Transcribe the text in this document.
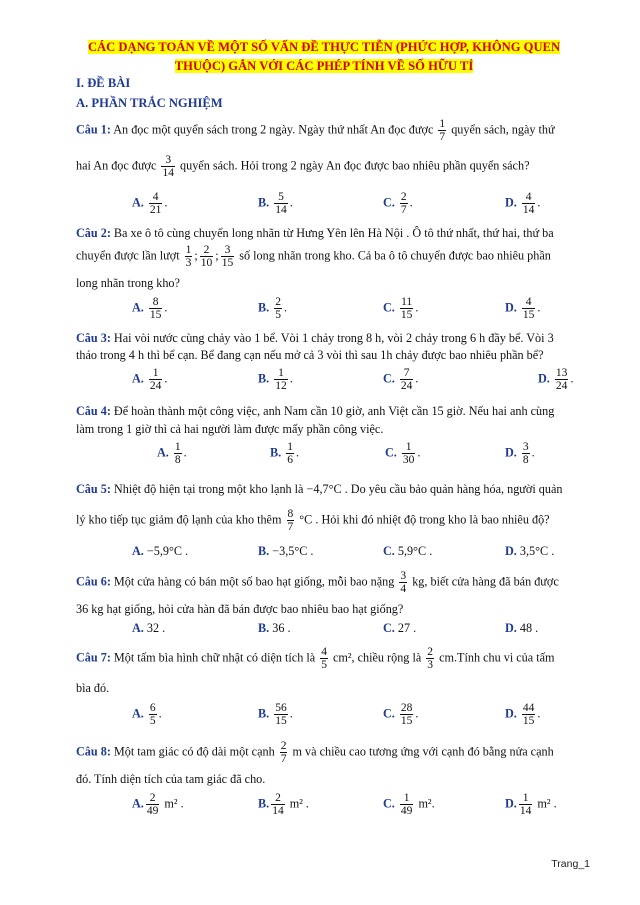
CÁC DẠNG TOÁN VỀ MỘT SỐ VẤN ĐỀ THỰC TIỄN (PHỨC HỢP, KHÔNG QUEN
THUỘC) GẮN VỚI CÁC PHÉP TÍNH VỀ SỐ HỮU TỈ
I. ĐỀ BÀI
A. PHẦN TRẮC NGHIỆM
Câu 1: An đọc một quyển sách trong 2 ngày. Ngày thứ nhất An đọc được $\frac{1}{7}$ quyển sách, ngày thứ
hai An đọc được $\frac{3}{14}$ quyển sách. Hỏi trong 2 ngày An đọc được bao nhiêu phần quyển sách?
A. $\frac{4}{21}$ .	B. $\frac{5}{14}$ .	C. $\frac{2}{7}$ .	D. $\frac{4}{14}$ .
Câu 2: Ba xe ô tô cùng chuyển long nhãn từ Hưng Yên lên Hà Nội . Ô tô thứ nhất, thứ hai, thứ ba
chuyển được lần lượt $\frac{1}{3}$ ; $\frac{2}{10}$ ; $\frac{3}{15}$ số long nhãn trong kho. Cả ba ô tô chuyển được bao nhiêu phần
long nhãn trong kho?
A. $\frac{8}{15}$ .	B. $\frac{2}{5}$ .	C. $\frac{11}{15}$ .	D. $\frac{4}{15}$ .
Câu 3: Hai vòi nước cùng chảy vào 1 bể. Vòi 1 chảy trong 8 h, vòi 2 chảy trong 6 h đầy bể. Vòi 3
tháo trong 4 h thì bể cạn. Bể đang cạn nếu mở cả 3 vòi thì sau 1h chảy được bao nhiêu phần bể?
A. $\frac{1}{24}$ .	B. $\frac{1}{12}$ .	C. $\frac{7}{24}$ .	D. $\frac{13}{24}$ .
Câu 4: Để hoàn thành một công việc, anh Nam cần 10 giờ, anh Việt cần 15 giờ. Nếu hai anh cùng
làm trong 1 giờ thì cả hai người làm được mấy phần công việc.
A. $\frac{1}{8}$ .	B. $\frac{1}{6}$ .	C. $\frac{1}{30}$ .	D. $\frac{3}{8}$ .
Câu 5: Nhiệt độ hiện tại trong một kho lạnh là −4,7°C . Do yêu cầu bảo quản hàng hóa, người quản
lý kho tiếp tục giảm độ lạnh của kho thêm $\frac{8}{7} ^\circ C$ . Hỏi khi đó nhiệt độ trong kho là bao nhiêu độ?
A. −5,9°C .	B. −3,5°C .	C. 5,9°C .	D. 3,5°C .
Câu 6: Một cửa hàng có bán một số bao hạt giống, mỗi bao nặng $\frac{3}{4}$ kg, biết cửa hàng đã bán được
36 kg hạt giống, hỏi cửa hàn đã bán được bao nhiêu bao hạt giống?
A. 32 .	B. 36 .	C. 27 .	D. 48 .
Câu 7: Một tấm bìa hình chữ nhật có diện tích là $\frac{4}{5} cm^2$, chiều rộng là $\frac{2}{3}$ cm.Tính chu vi của tấm
bìa đó.
A. $\frac{6}{5}$ .	B. $\frac{56}{15}$ .	C. $\frac{28}{15}$ .	D. $\frac{44}{15}$ .
Câu 8: Một tam giác có độ dài một cạnh $\frac{2}{7}$ m và chiều cao tương ứng với cạnh đó bằng nửa cạnh
đó. Tính diện tích của tam giác đã cho.
A. $\frac{2}{49} m^2$ .	B. $\frac{2}{14} m^2$ .	C. $\frac{1}{49} m^2$.	D. $\frac{1}{14} m^2$ .
Trang_1
